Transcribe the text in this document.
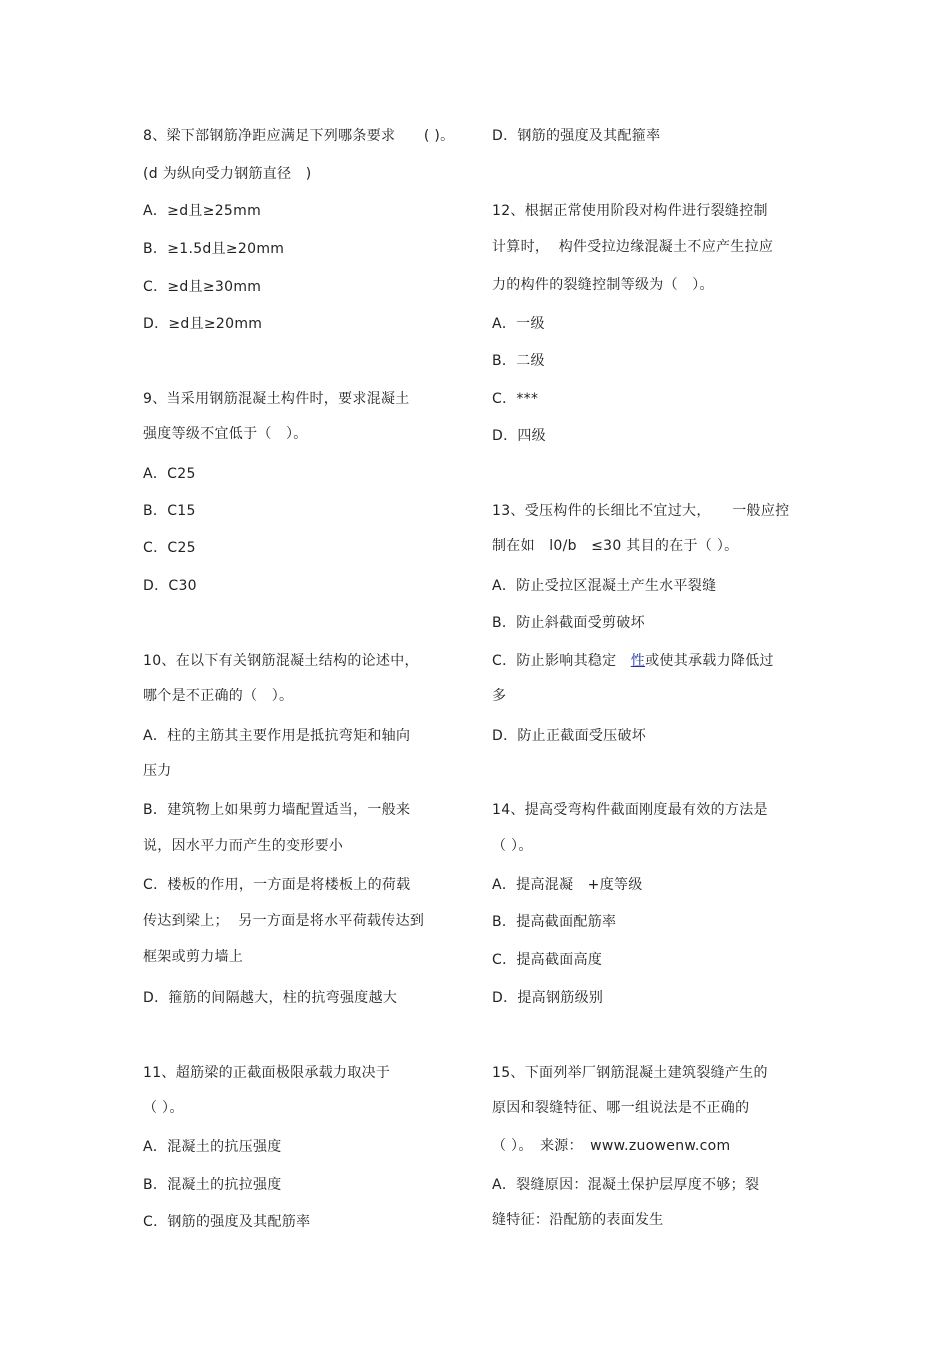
8、梁下部钢筋净距应满足下列哪条要求　　( )。
(d 为纵向受力钢筋直径　)
A．≥d且≥25mm
B．≥1.5d且≥20mm
C．≥d且≥30mm
D．≥d且≥20mm
9、当采用钢筋混凝土构件时，要求混凝土
强度等级不宜低于（　）。
A．C25
B．C15
C．C25
D．C30
10、在以下有关钢筋混凝土结构的论述中，
哪个是不正确的（　）。
A．柱的主筋其主要作用是抵抗弯矩和轴向
压力
B．建筑物上如果剪力墙配置适当，一般来
说，因水平力而产生的变形要小
C．楼板的作用，一方面是将楼板上的荷载
传达到梁上；  另一方面是将水平荷载传达到
框架或剪力墙上
D．箍筋的间隔越大，柱的抗弯强度越大
11、超筋梁的正截面极限承载力取决于
（ ）。
A．混凝土的抗压强度
B．混凝土的抗拉强度
C．钢筋的强度及其配筋率
D．钢筋的强度及其配箍率
12、根据正常使用阶段对构件进行裂缝控制
计算时，  构件受拉边缘混凝土不应产生拉应
力的构件的裂缝控制等级为（　）。
A．一级
B．二级
C．***
D．四级
13、受压构件的长细比不宜过大，　　一般应控
制在如　l0/b　≤30 其目的在于（ ）。
A．防止受拉区混凝土产生水平裂缝
B．防止斜截面受剪破坏
C．防止影响其稳定　性或使其承载力降低过
多
D．防止正截面受压破坏
14、提高受弯构件截面刚度最有效的方法是
（ ）。
A．提高混凝　+度等级
B．提高截面配筋率
C．提高截面高度
D．提高钢筋级别
15、下面列举厂钢筋混凝土建筑裂缝产生的
原因和裂缝特征、哪一组说法是不正确的
（ ）。　来源：　www.zuowenw.com
A．裂缝原因：混凝土保护层厚度不够；裂
缝特征：沿配筋的表面发生
